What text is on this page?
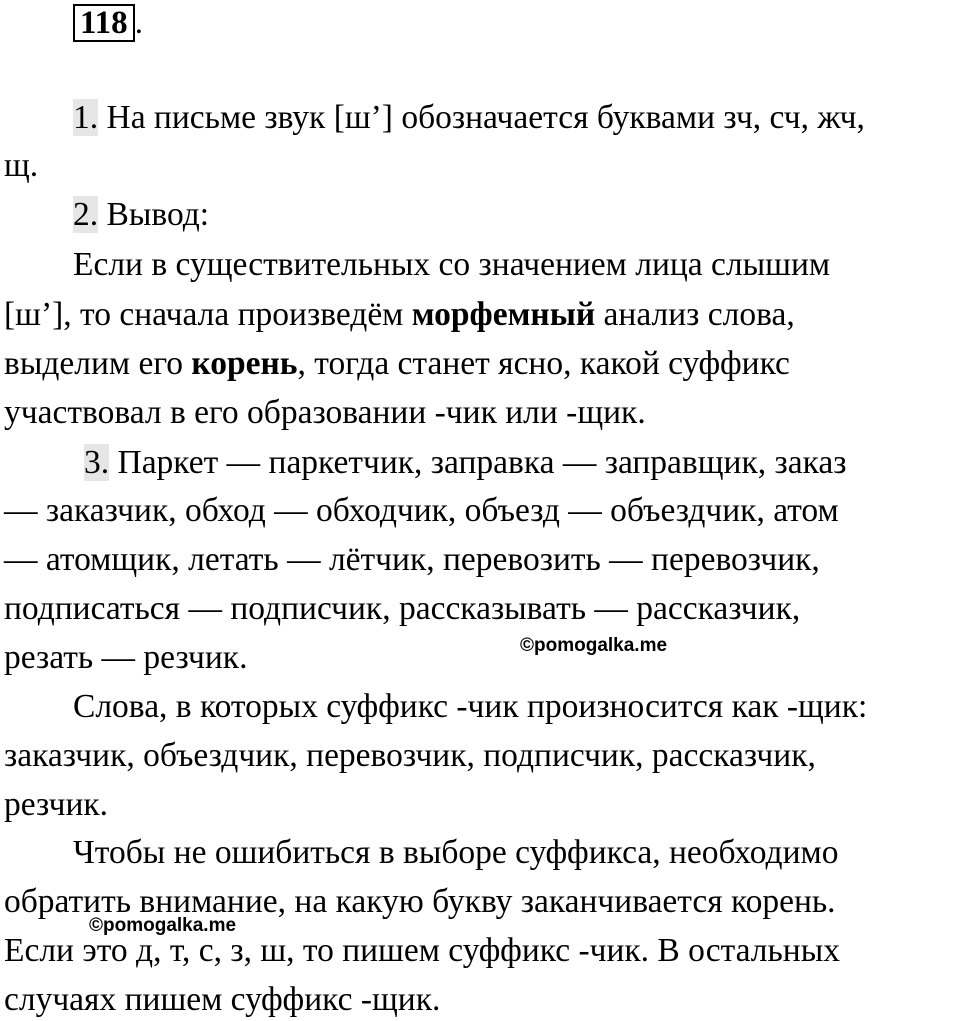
118 .
1. На письме звук [ш’] обозначается буквами зч, сч, жч,
щ.
2. Вывод:
Если в существительных со значением лица слышим
[ш’], то сначала произведём морфемный анализ слова,
выделим его корень, тогда станет ясно, какой суффикс
участвовал в его образовании -чик или -щик.
3. Паркет — паркетчик, заправка — заправщик, заказ
— заказчик, обход — обходчик, объезд — объездчик, атом
— атомщик, летать — лётчик, перевозить — перевозчик,
подписаться — подписчик, рассказывать — рассказчик,
резать — резчик.	©pomogalka.me
Слова, в которых суффикс -чик произносится как -щик:
заказчик, объездчик, перевозчик, подписчик, рассказчик,
резчик.
Чтобы не ошибиться в выборе суффикса, необходимо
обратить внимание, на какую букву заканчивается корень.
©pomogalka.me
Если это д, т, с, з, ш, то пишем суффикс -чик. В остальных
случаях пишем суффикс -щик.
